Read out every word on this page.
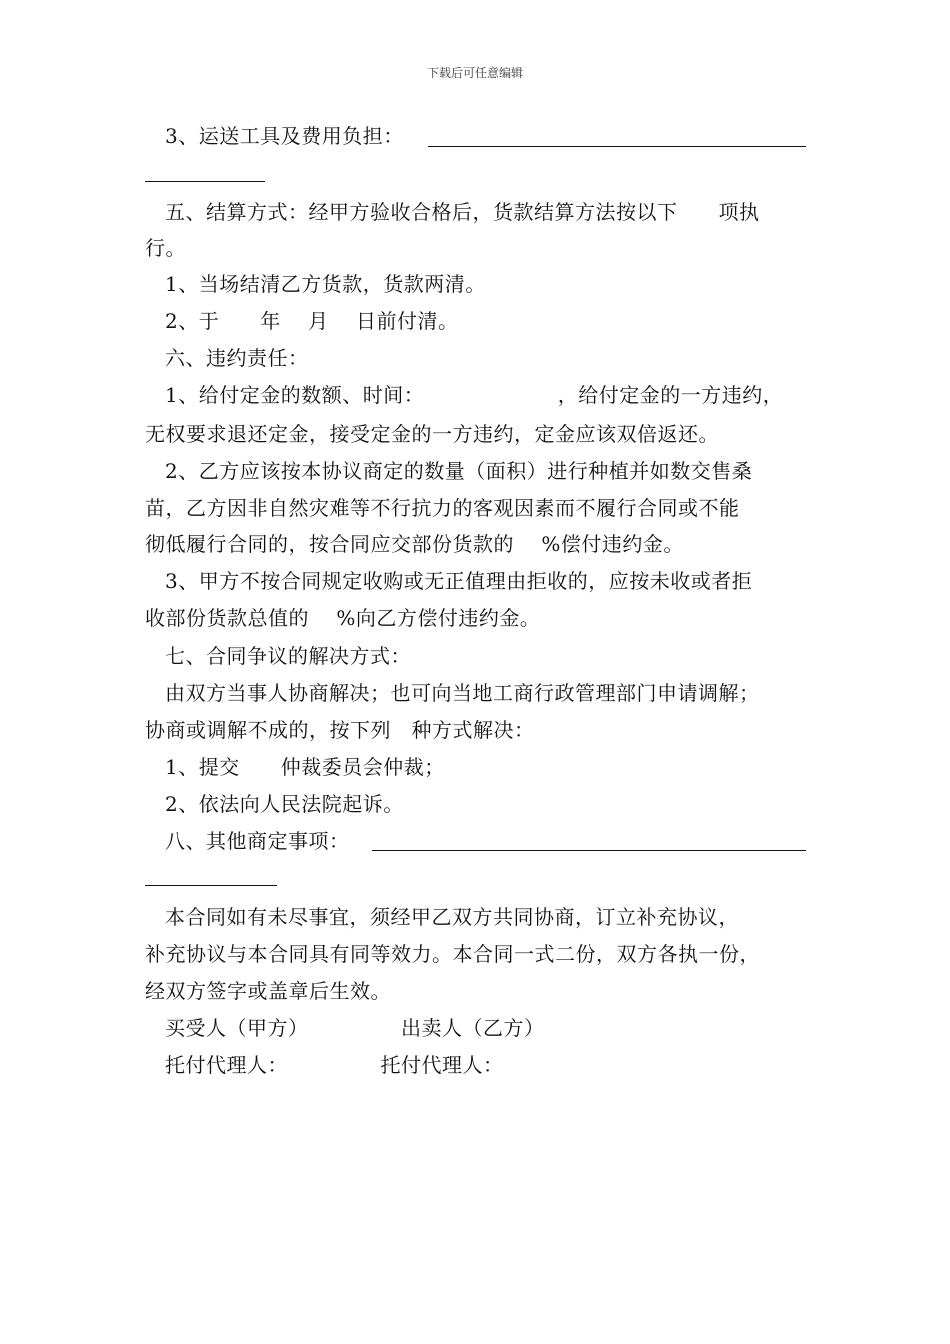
下载后可任意编辑
3、运送工具及费用负担：
五、结算方式：经甲方验收合格后，货款结算方法按以下　　项执
行。
1、当场结清乙方货款，货款两清。
2、于　　年　 月　 日前付清。
六、违约责任：
1、给付定金的数额、时间：　　　　　　　，给付定金的一方违约，
无权要求退还定金，接受定金的一方违约，定金应该双倍返还。
2、乙方应该按本协议商定的数量（面积）进行种植并如数交售桑
苗，乙方因非自然灾难等不行抗力的客观因素而不履行合同或不能
彻低履行合同的，按合同应交部份货款的　 %偿付违约金。
3、甲方不按合同规定收购或无正值理由拒收的，应按未收或者拒
收部份货款总值的　 %向乙方偿付违约金。
七、合同争议的解决方式：
由双方当事人协商解决；也可向当地工商行政管理部门申请调解；
协商或调解不成的，按下列　种方式解决：
1、提交　　仲裁委员会仲裁；
2、依法向人民法院起诉。
八、其他商定事项：
本合同如有未尽事宜，须经甲乙双方共同协商，订立补充协议，
补充协议与本合同具有同等效力。本合同一式二份，双方各执一份，
经双方签字或盖章后生效。
买受人（甲方）　　　　　出卖人（乙方）
托付代理人：　　　　　托付代理人：
